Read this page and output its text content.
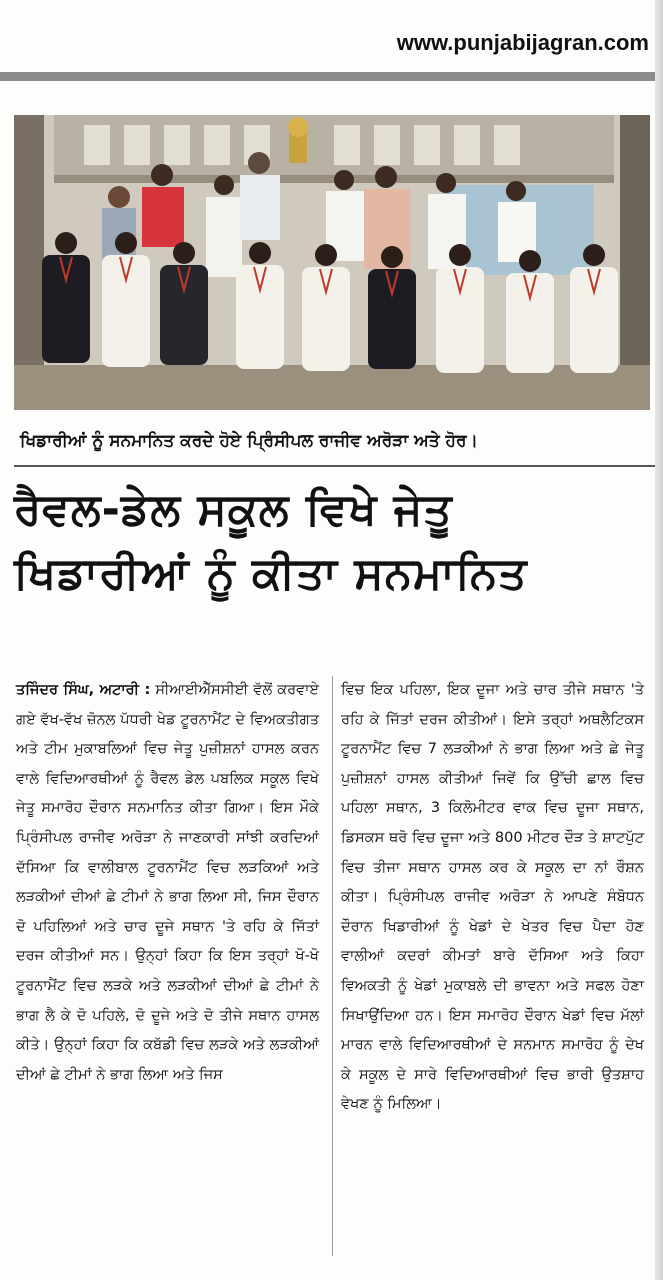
www.punjabijagran.com
ਖਿਡਾਰੀਆਂ ਨੂੰ ਸਨਮਾਨਿਤ ਕਰਦੇ ਹੋਏ ਪ੍ਰਿੰਸੀਪਲ ਰਾਜੀਵ ਅਰੋੜਾ ਅਤੇ ਹੋਰ।
ਰੈਵਲ-ਡੇਲ ਸਕੂਲ ਵਿਖੇ ਜੇਤੂ
ਖਿਡਾਰੀਆਂ ਨੂੰ ਕੀਤਾ ਸਨਮਾਨਿਤ
ਤਜਿੰਦਰ ਸਿੰਘ, ਅਟਾਰੀ : ਸੀਆਈਐੱਸਸੀਈ ਵੱਲੋਂ ਕਰਵਾਏ ਗਏ ਵੱਖ-ਵੱਖ ਜ਼ੋਨਲ ਪੱਧਰੀ ਖੇਡ ਟੂਰਨਾਮੈਂਟ ਦੇ ਵਿਅਕਤੀਗਤ ਅਤੇ ਟੀਮ ਮੁਕਾਬਲਿਆਂ ਵਿਚ ਜੇਤੂ ਪੁਜ਼ੀਸ਼ਨਾਂ ਹਾਸਲ ਕਰਨ ਵਾਲੇ ਵਿਦਿਆਰਥੀਆਂ ਨੂੰ ਰੈਵਲ ਡੇਲ ਪਬਲਿਕ ਸਕੂਲ ਵਿਖੇ ਜੇਤੂ ਸਮਾਰੋਹ ਦੌਰਾਨ ਸਨਮਾਨਿਤ ਕੀਤਾ ਗਿਆ। ਇਸ ਮੌਕੇ ਪ੍ਰਿੰਸੀਪਲ ਰਾਜੀਵ ਅਰੋੜਾ ਨੇ ਜਾਣਕਾਰੀ ਸਾਂਝੀ ਕਰਦਿਆਂ ਦੱਸਿਆ ਕਿ ਵਾਲੀਬਾਲ ਟੂਰਨਾਮੈਂਟ ਵਿਚ ਲੜਕਿਆਂ ਅਤੇ ਲੜਕੀਆਂ ਦੀਆਂ ਛੇ ਟੀਮਾਂ ਨੇ ਭਾਗ ਲਿਆ ਸੀ, ਜਿਸ ਦੌਰਾਨ ਦੋ ਪਹਿਲਿਆਂ ਅਤੇ ਚਾਰ ਦੂਜੇ ਸਥਾਨ 'ਤੇ ਰਹਿ ਕੇ ਜਿੱਤਾਂ ਦਰਜ ਕੀਤੀਆਂ ਸਨ। ਉਨ੍ਹਾਂ ਕਿਹਾ ਕਿ ਇਸ ਤਰ੍ਹਾਂ ਖੋ-ਖੋ ਟੂਰਨਾਮੈਂਟ ਵਿਚ ਲੜਕੇ ਅਤੇ ਲੜਕੀਆਂ ਦੀਆਂ ਛੇ ਟੀਮਾਂ ਨੇ ਭਾਗ ਲੈ ਕੇ ਦੋ ਪਹਿਲੇ, ਦੋ ਦੂਜੇ ਅਤੇ ਦੋ ਤੀਜੇ ਸਥਾਨ ਹਾਸਲ ਕੀਤੇ। ਉਨ੍ਹਾਂ ਕਿਹਾ ਕਿ ਕਬੱਡੀ ਵਿਚ ਲੜਕੇ ਅਤੇ ਲੜਕੀਆਂ ਦੀਆਂ ਛੇ ਟੀਮਾਂ ਨੇ ਭਾਗ ਲਿਆ ਅਤੇ ਜਿਸ
ਵਿਚ ਇਕ ਪਹਿਲਾ, ਇਕ ਦੂਜਾ ਅਤੇ ਚਾਰ ਤੀਜੇ ਸਥਾਨ 'ਤੇ ਰਹਿ ਕੇ ਜਿੱਤਾਂ ਦਰਜ ਕੀਤੀਆਂ। ਇਸੇ ਤਰ੍ਹਾਂ ਅਥਲੈਟਿਕਸ ਟੂਰਨਾਮੈਂਟ ਵਿਚ 7 ਲੜਕੀਆਂ ਨੇ ਭਾਗ ਲਿਆ ਅਤੇ ਛੇ ਜੇਤੂ ਪੁਜ਼ੀਸ਼ਨਾਂ ਹਾਸਲ ਕੀਤੀਆਂ ਜਿਵੇਂ ਕਿ ਉੱਚੀ ਛਾਲ ਵਿਚ ਪਹਿਲਾ ਸਥਾਨ, 3 ਕਿਲੋਮੀਟਰ ਵਾਕ ਵਿਚ ਦੂਜਾ ਸਥਾਨ, ਡਿਸਕਸ ਥਰੋ ਵਿਚ ਦੂਜਾ ਅਤੇ 800 ਮੀਟਰ ਦੌੜ ਤੇ ਸ਼ਾਟਪੁੱਟ ਵਿਚ ਤੀਜਾ ਸਥਾਨ ਹਾਸਲ ਕਰ ਕੇ ਸਕੂਲ ਦਾ ਨਾਂ ਰੌਸ਼ਨ ਕੀਤਾ। ਪ੍ਰਿੰਸੀਪਲ ਰਾਜੀਵ ਅਰੋੜਾ ਨੇ ਆਪਣੇ ਸੰਬੋਧਨ ਦੌਰਾਨ ਖਿਡਾਰੀਆਂ ਨੂੰ ਖੇਡਾਂ ਦੇ ਖੇਤਰ ਵਿਚ ਪੈਦਾ ਹੋਣ ਵਾਲੀਆਂ ਕਦਰਾਂ ਕੀਮਤਾਂ ਬਾਰੇ ਦੱਸਿਆ ਅਤੇ ਕਿਹਾ ਵਿਅਕਤੀ ਨੂੰ ਖੇਡਾਂ ਮੁਕਾਬਲੇ ਦੀ ਭਾਵਨਾ ਅਤੇ ਸਫਲ ਹੋਣਾ ਸਿਖਾਉਂਦਿਆ ਹਨ। ਇਸ ਸਮਾਰੋਹ ਦੌਰਾਨ ਖੇਡਾਂ ਵਿਚ ਮੱਲਾਂ ਮਾਰਨ ਵਾਲੇ ਵਿਦਿਆਰਥੀਆਂ ਦੇ ਸਨਮਾਨ ਸਮਾਰੋਹ ਨੂੰ ਦੇਖ ਕੇ ਸਕੂਲ ਦੇ ਸਾਰੇ ਵਿਦਿਆਰਥੀਆਂ ਵਿਚ ਭਾਰੀ ਉਤਸ਼ਾਹ ਵੇਖਣ ਨੂੰ ਮਿਲਿਆ।
